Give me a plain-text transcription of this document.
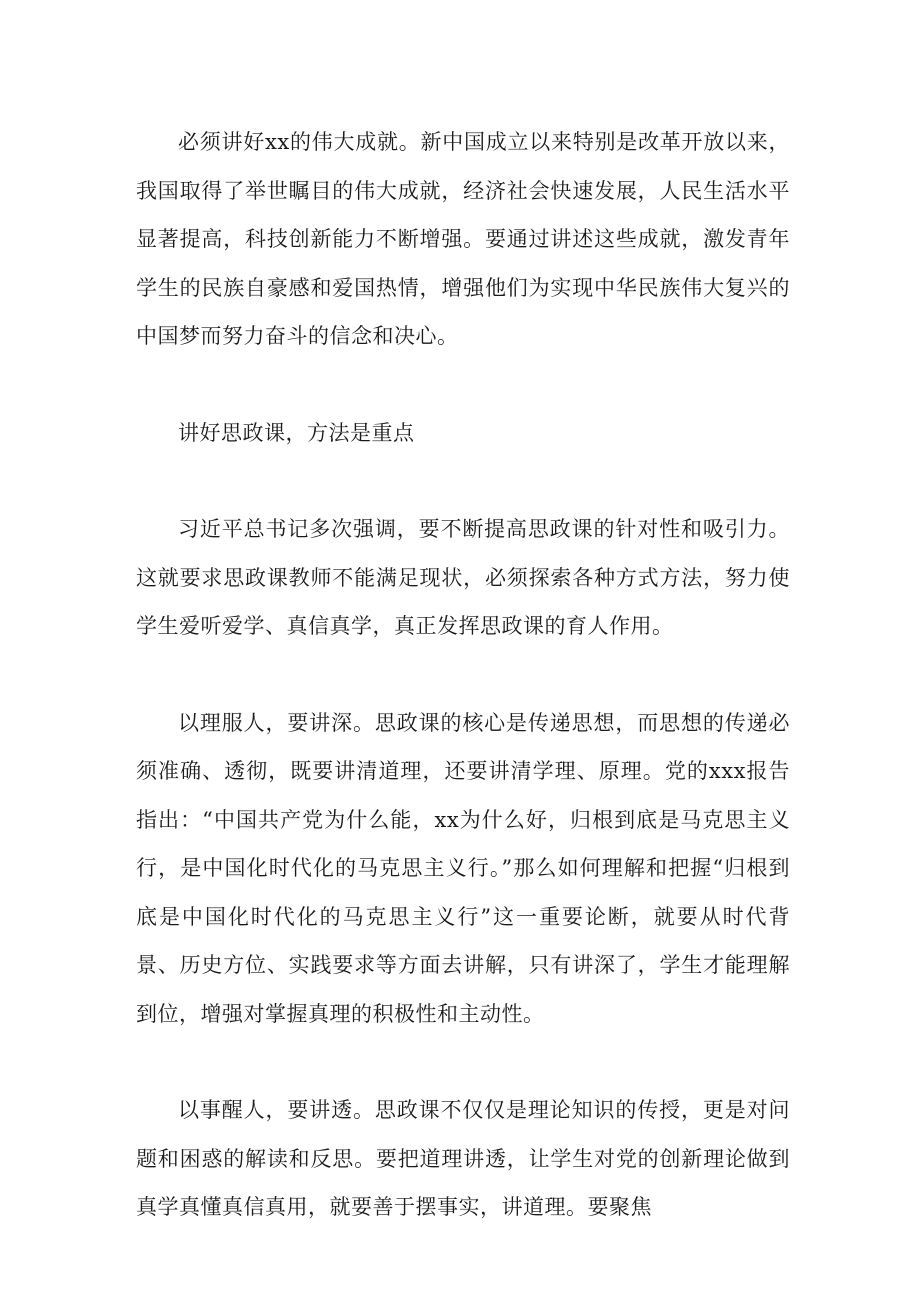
必须讲好xx的伟大成就。新中国成立以来特别是改革开放以来，我国取得了举世瞩目的伟大成就，经济社会快速发展，人民生活水平显著提高，科技创新能力不断增强。要通过讲述这些成就，激发青年学生的民族自豪感和爱国热情，增强他们为实现中华民族伟大复兴的中国梦而努力奋斗的信念和决心。

讲好思政课，方法是重点

习近平总书记多次强调，要不断提高思政课的针对性和吸引力。这就要求思政课教师不能满足现状，必须探索各种方式方法，努力使学生爱听爱学、真信真学，真正发挥思政课的育人作用。

以理服人，要讲深。思政课的核心是传递思想，而思想的传递必须准确、透彻，既要讲清道理，还要讲清学理、原理。党的xxx报告指出：“中国共产党为什么能，xx为什么好，归根到底是马克思主义行，是中国化时代化的马克思主义行。”那么如何理解和把握“归根到底是中国化时代化的马克思主义行”这一重要论断，就要从时代背景、历史方位、实践要求等方面去讲解，只有讲深了，学生才能理解到位，增强对掌握真理的积极性和主动性。

以事醒人，要讲透。思政课不仅仅是理论知识的传授，更是对问题和困惑的解读和反思。要把道理讲透，让学生对党的创新理论做到真学真懂真信真用，就要善于摆事实，讲道理。要聚焦
